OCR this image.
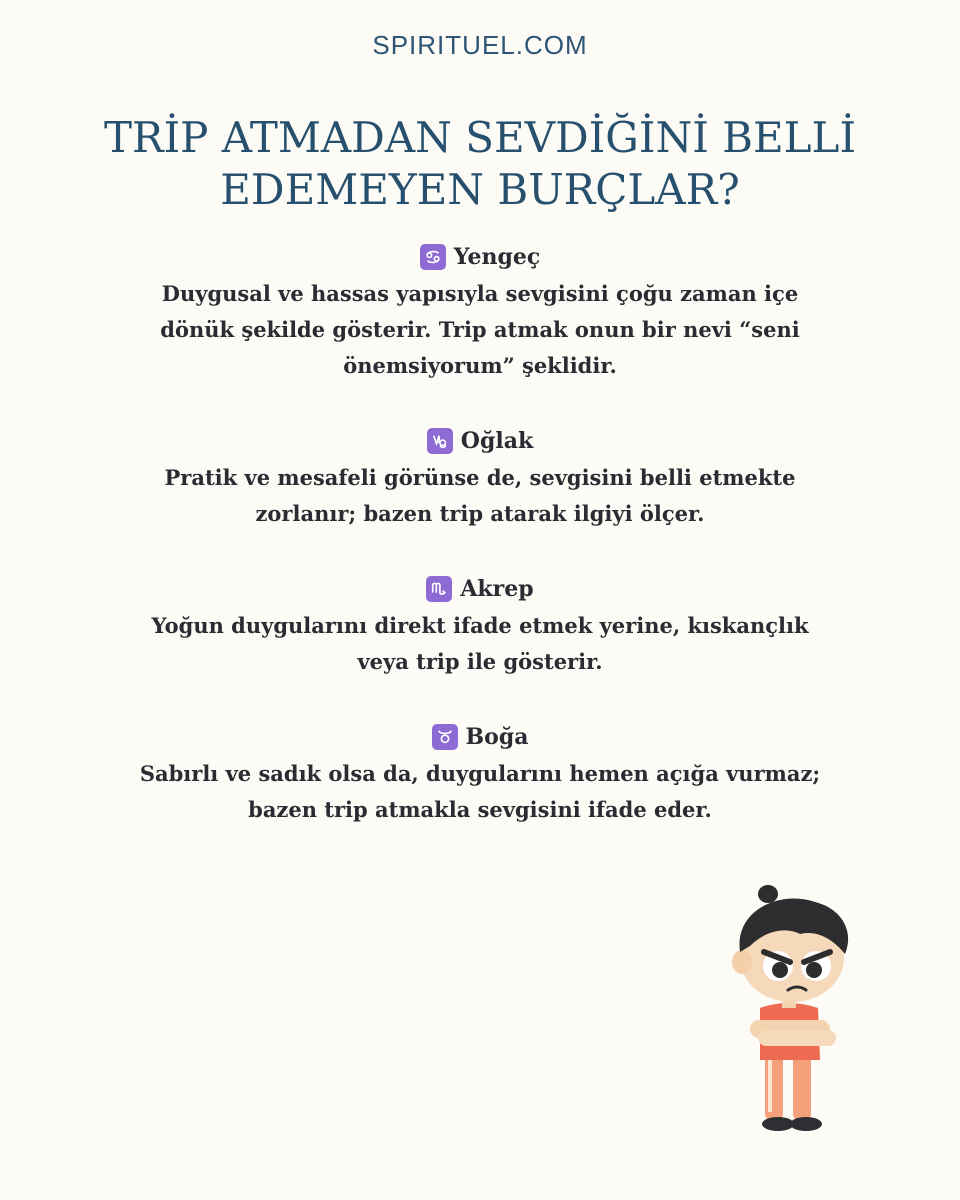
SPIRITUEL.COM
TRİP ATMADAN SEVDİĞİNİ BELLİ EDEMEYEN BURÇLAR?
Yengeç

Duygusal ve hassas yapısıyla sevgisini çoğu zaman içe dönük şekilde gösterir. Trip atmak onun bir nevi “seni önemsiyorum” şeklidir.

Oğlak

Pratik ve mesafeli görünse de, sevgisini belli etmekte zorlanır; bazen trip atarak ilgiyi ölçer.

Akrep

Yoğun duygularını direkt ifade etmek yerine, kıskançlık veya trip ile gösterir.

Boğa

Sabırlı ve sadık olsa da, duygularını hemen açığa vurmaz; bazen trip atmakla sevgisini ifade eder.
